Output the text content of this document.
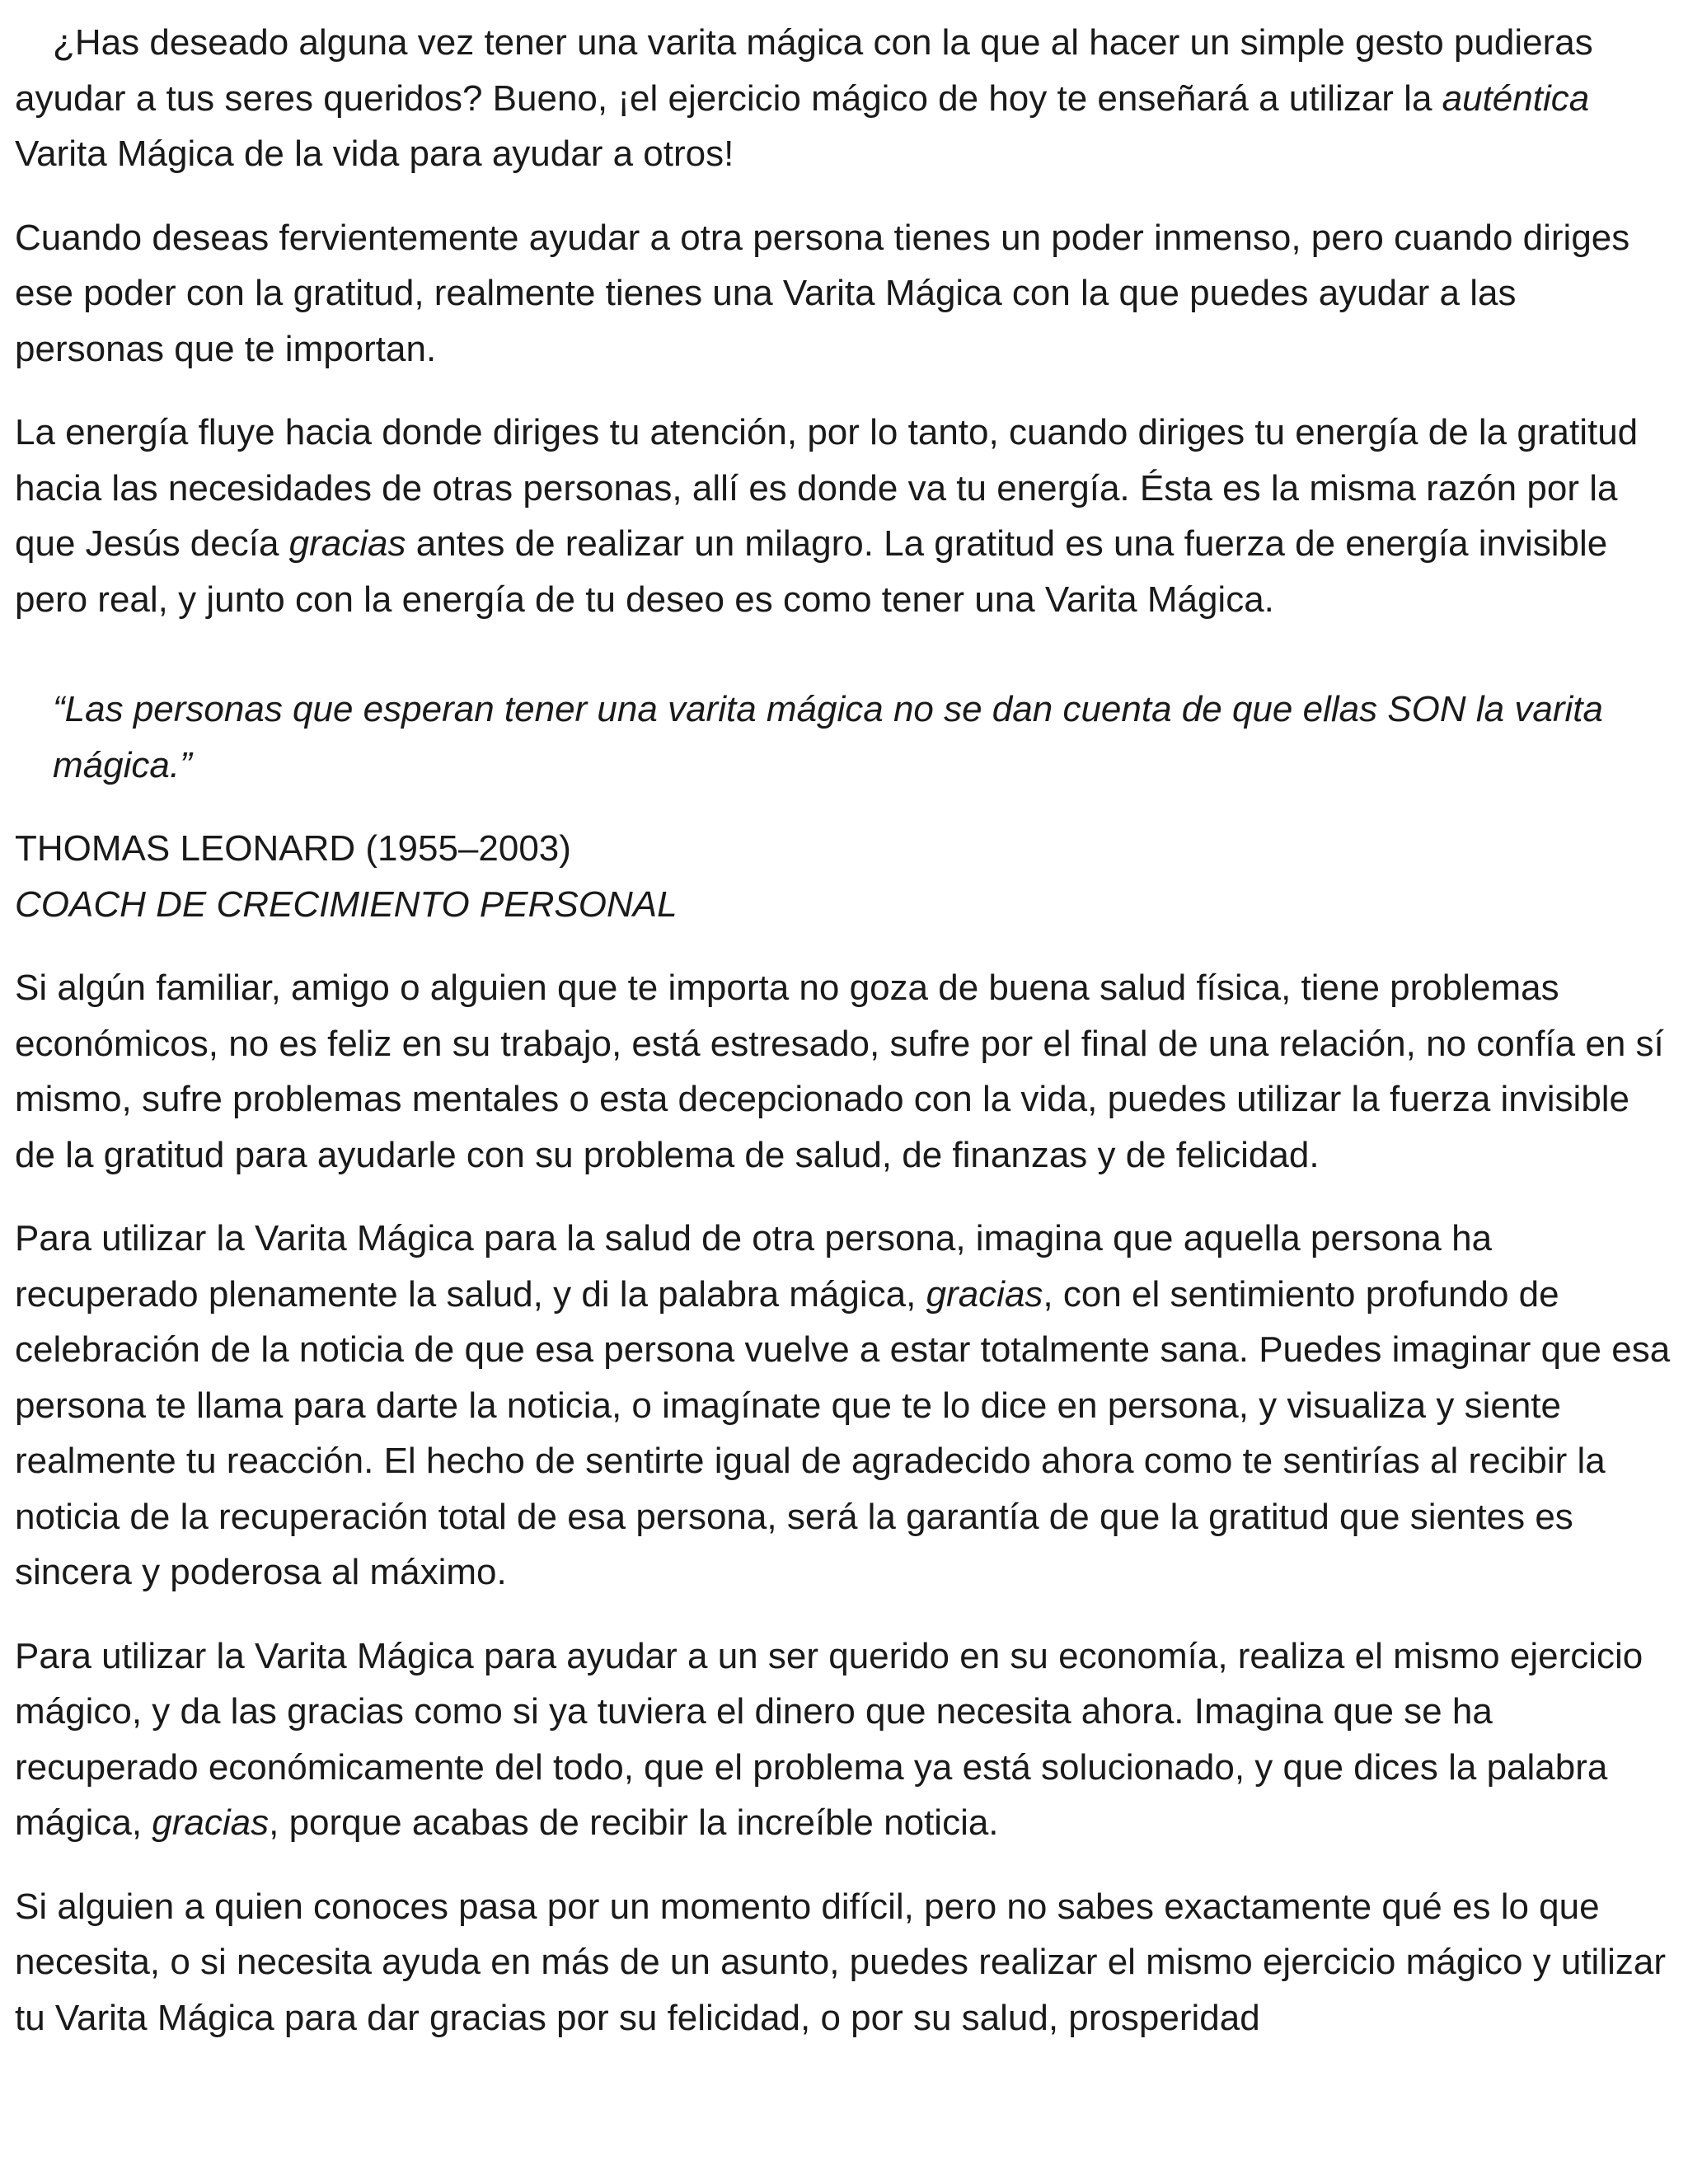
¿Has deseado alguna vez tener una varita mágica con la que al hacer un simple gesto pudieras ayudar a tus seres queridos? Bueno, ¡el ejercicio mágico de hoy te enseñará a utilizar la auténtica Varita Mágica de la vida para ayudar a otros!

Cuando deseas fervientemente ayudar a otra persona tienes un poder inmenso, pero cuando diriges ese poder con la gratitud, realmente tienes una Varita Mágica con la que puedes ayudar a las personas que te importan.

La energía fluye hacia donde diriges tu atención, por lo tanto, cuando diriges tu energía de la gratitud hacia las necesidades de otras personas, allí es donde va tu energía. Ésta es la misma razón por la que Jesús decía gracias antes de realizar un milagro. La gratitud es una fuerza de energía invisible pero real, y junto con la energía de tu deseo es como tener una Varita Mágica.

“Las personas que esperan tener una varita mágica no se dan cuenta de que ellas SON la varita mágica.”

THOMAS LEONARD (1955–2003)
COACH DE CRECIMIENTO PERSONAL

Si algún familiar, amigo o alguien que te importa no goza de buena salud física, tiene problemas económicos, no es feliz en su trabajo, está estresado, sufre por el final de una relación, no confía en sí mismo, sufre problemas mentales o esta decepcionado con la vida, puedes utilizar la fuerza invisible de la gratitud para ayudarle con su problema de salud, de finanzas y de felicidad.

Para utilizar la Varita Mágica para la salud de otra persona, imagina que aquella persona ha recuperado plenamente la salud, y di la palabra mágica, gracias, con el sentimiento profundo de celebración de la noticia de que esa persona vuelve a estar totalmente sana. Puedes imaginar que esa persona te llama para darte la noticia, o imagínate que te lo dice en persona, y visualiza y siente realmente tu reacción. El hecho de sentirte igual de agradecido ahora como te sentirías al recibir la noticia de la recuperación total de esa persona, será la garantía de que la gratitud que sientes es sincera y poderosa al máximo.

Para utilizar la Varita Mágica para ayudar a un ser querido en su economía, realiza el mismo ejercicio mágico, y da las gracias como si ya tuviera el dinero que necesita ahora. Imagina que se ha recuperado económicamente del todo, que el problema ya está solucionado, y que dices la palabra mágica, gracias, porque acabas de recibir la increíble noticia.

Si alguien a quien conoces pasa por un momento difícil, pero no sabes exactamente qué es lo que necesita, o si necesita ayuda en más de un asunto, puedes realizar el mismo ejercicio mágico y utilizar tu Varita Mágica para dar gracias por su felicidad, o por su salud, prosperidad
